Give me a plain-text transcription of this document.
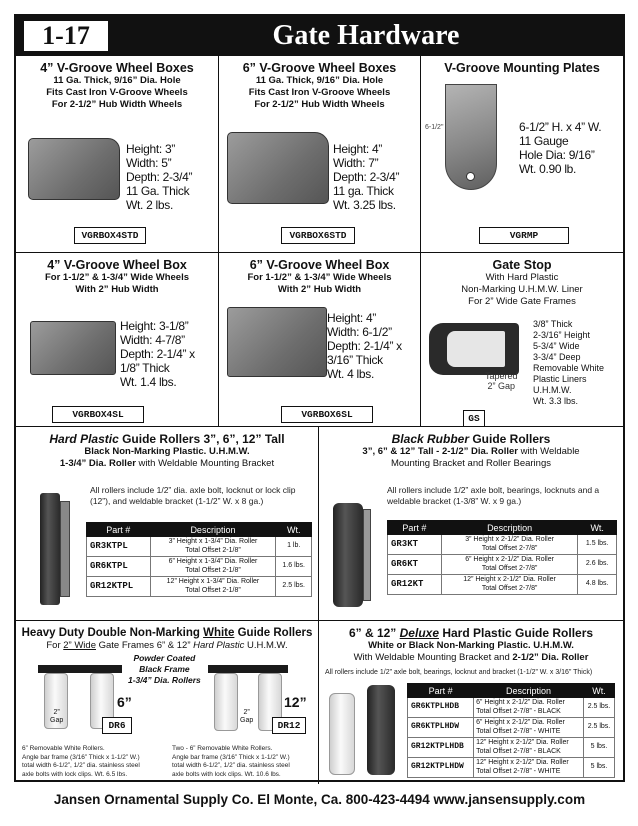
1-17	Gate Hardware
4” V-Groove Wheel Boxes
11 Ga. Thick, 9/16” Dia. Hole
Fits Cast Iron V-Groove Wheels
For 2-1/2” Hub Width Wheels
Height: 3”
Width: 5”
Depth: 2-3/4”
11 Ga. Thick
Wt. 2 lbs.
VGRBOX4STD
6” V-Groove Wheel Boxes
11 Ga. Thick, 9/16” Dia. Hole
Fits Cast Iron V-Groove Wheels
For 2-1/2” Hub Width Wheels
Height: 4”
Width: 7”
Depth: 2-3/4”
11 ga. Thick
Wt. 3.25 lbs.
VGRBOX6STD
V-Groove Mounting Plates
6-1/2"	6-1/2” H. x 4” W.
11 Gauge
Hole Dia: 9/16”
Wt. 0.90 lb.
VGRMP
4” V-Groove Wheel Box
For 1-1/2” & 1-3/4” Wide Wheels
With 2” Hub Width
Height: 3-1/8”
Width: 4-7/8”
Depth: 2-1/4” x
1/8” Thick
Wt. 1.4 lbs.
VGRBOX4SL
6” V-Groove Wheel Box
For 1-1/2” & 1-3/4” Wide Wheels
With 2” Hub Width
Height: 4”
Width: 6-1/2”
Depth: 2-1/4” x
3/16” Thick
Wt. 4 lbs.
VGRBOX6SL
Gate Stop
With Hard Plastic
Non-Marking U.H.M.W. Liner
For 2” Wide Gate Frames
Tapered
2” Gap
3/8” Thick
2-3/16” Height
5-3/4” Wide
3-3/4” Deep
Removable White
Plastic Liners
U.H.M.W.
Wt. 3.3 lbs.
GS
Hard Plastic Guide Rollers 3”, 6”, 12” Tall
Black Non-Marking Plastic. U.H.M.W.
1-3/4” Dia. Roller with Weldable Mounting Bracket
All rollers include 1/2” dia. axle bolt, locknut or lock clip (12”), and weldable bracket (1-1/2” W. x 8 ga.)
Part #	Description	Wt.
GR3KTPL	3” Height x 1-3/4” Dia. Roller
Total Offset 2-1/8”	1 lb.
GR6KTPL	6” Height x 1-3/4” Dia. Roller
Total Offset 2-1/8”	1.6 lbs.
GR12KTPL	12” Height x 1-3/4” Dia. Roller
Total Offset 2-1/8”	2.5 lbs.
Black Rubber Guide Rollers
3”, 6” & 12” Tall - 2-1/2” Dia. Roller with Weldable
Mounting Bracket and Roller Bearings
All rollers include 1/2” axle bolt, bearings, locknuts and a weldable bracket (1-3/8” W. x 9 ga.)
Part #	Description	Wt.
GR3KT	3” Height x 2-1/2” Dia. Roller
Total Offset 2-7/8”	1.5 lbs.
GR6KT	6” Height x 2-1/2” Dia. Roller
Total Offset 2-7/8”	2.6 lbs.
GR12KT	12” Height x 2-1/2” Dia. Roller
Total Offset 2-7/8”	4.8 lbs.
Heavy Duty Double Non-Marking White Guide Rollers
For 2” Wide Gate Frames 6” & 12” Hard Plastic U.H.M.W.
Powder Coated
Black Frame
1-3/4” Dia. Rollers
6”
2”
Gap	DR6
12”
2”
Gap	DR12
6” Removable White Rollers.
Angle bar frame (3/16” Thick x 1-1/2” W.)
total width 6-1/2”, 1/2” dia. stainless steel
axle bolts with lock clips. Wt. 6.5 lbs.
Two - 6” Removable White Rollers.
Angle bar frame (3/16” Thick x 1-1/2” W.)
total width 6-1/2”, 1/2” dia. stainless steel
axle bolts with lock clips. Wt. 10.6 lbs.
6” & 12” Deluxe Hard Plastic Guide Rollers
White or Black Non-Marking Plastic. U.H.M.W.
With Weldable Mounting Bracket and 2-1/2” Dia. Roller
All rollers include 1/2” axle bolt, bearings, locknut and bracket (1-1/2” W. x 3/16” Thick)
Part #	Description	Wt.
GR6KTPLHDB	6” Height x 2-1/2” Dia. Roller
Total Offset 2-7/8” - BLACK	2.5 lbs.
GR6KTPLHDW	6” Height x 2-1/2” Dia. Roller
Total Offset 2-7/8” - WHITE	2.5 lbs.
GR12KTPLHDB	12” Height x 2-1/2” Dia. Roller
Total Offset 2-7/8” - BLACK	5 lbs.
GR12KTPLHDW	12” Height x 2-1/2” Dia. Roller
Total Offset 2-7/8” - WHITE	5 lbs.
Jansen Ornamental Supply Co. El Monte, Ca. 800-423-4494 www.jansensupply.com
